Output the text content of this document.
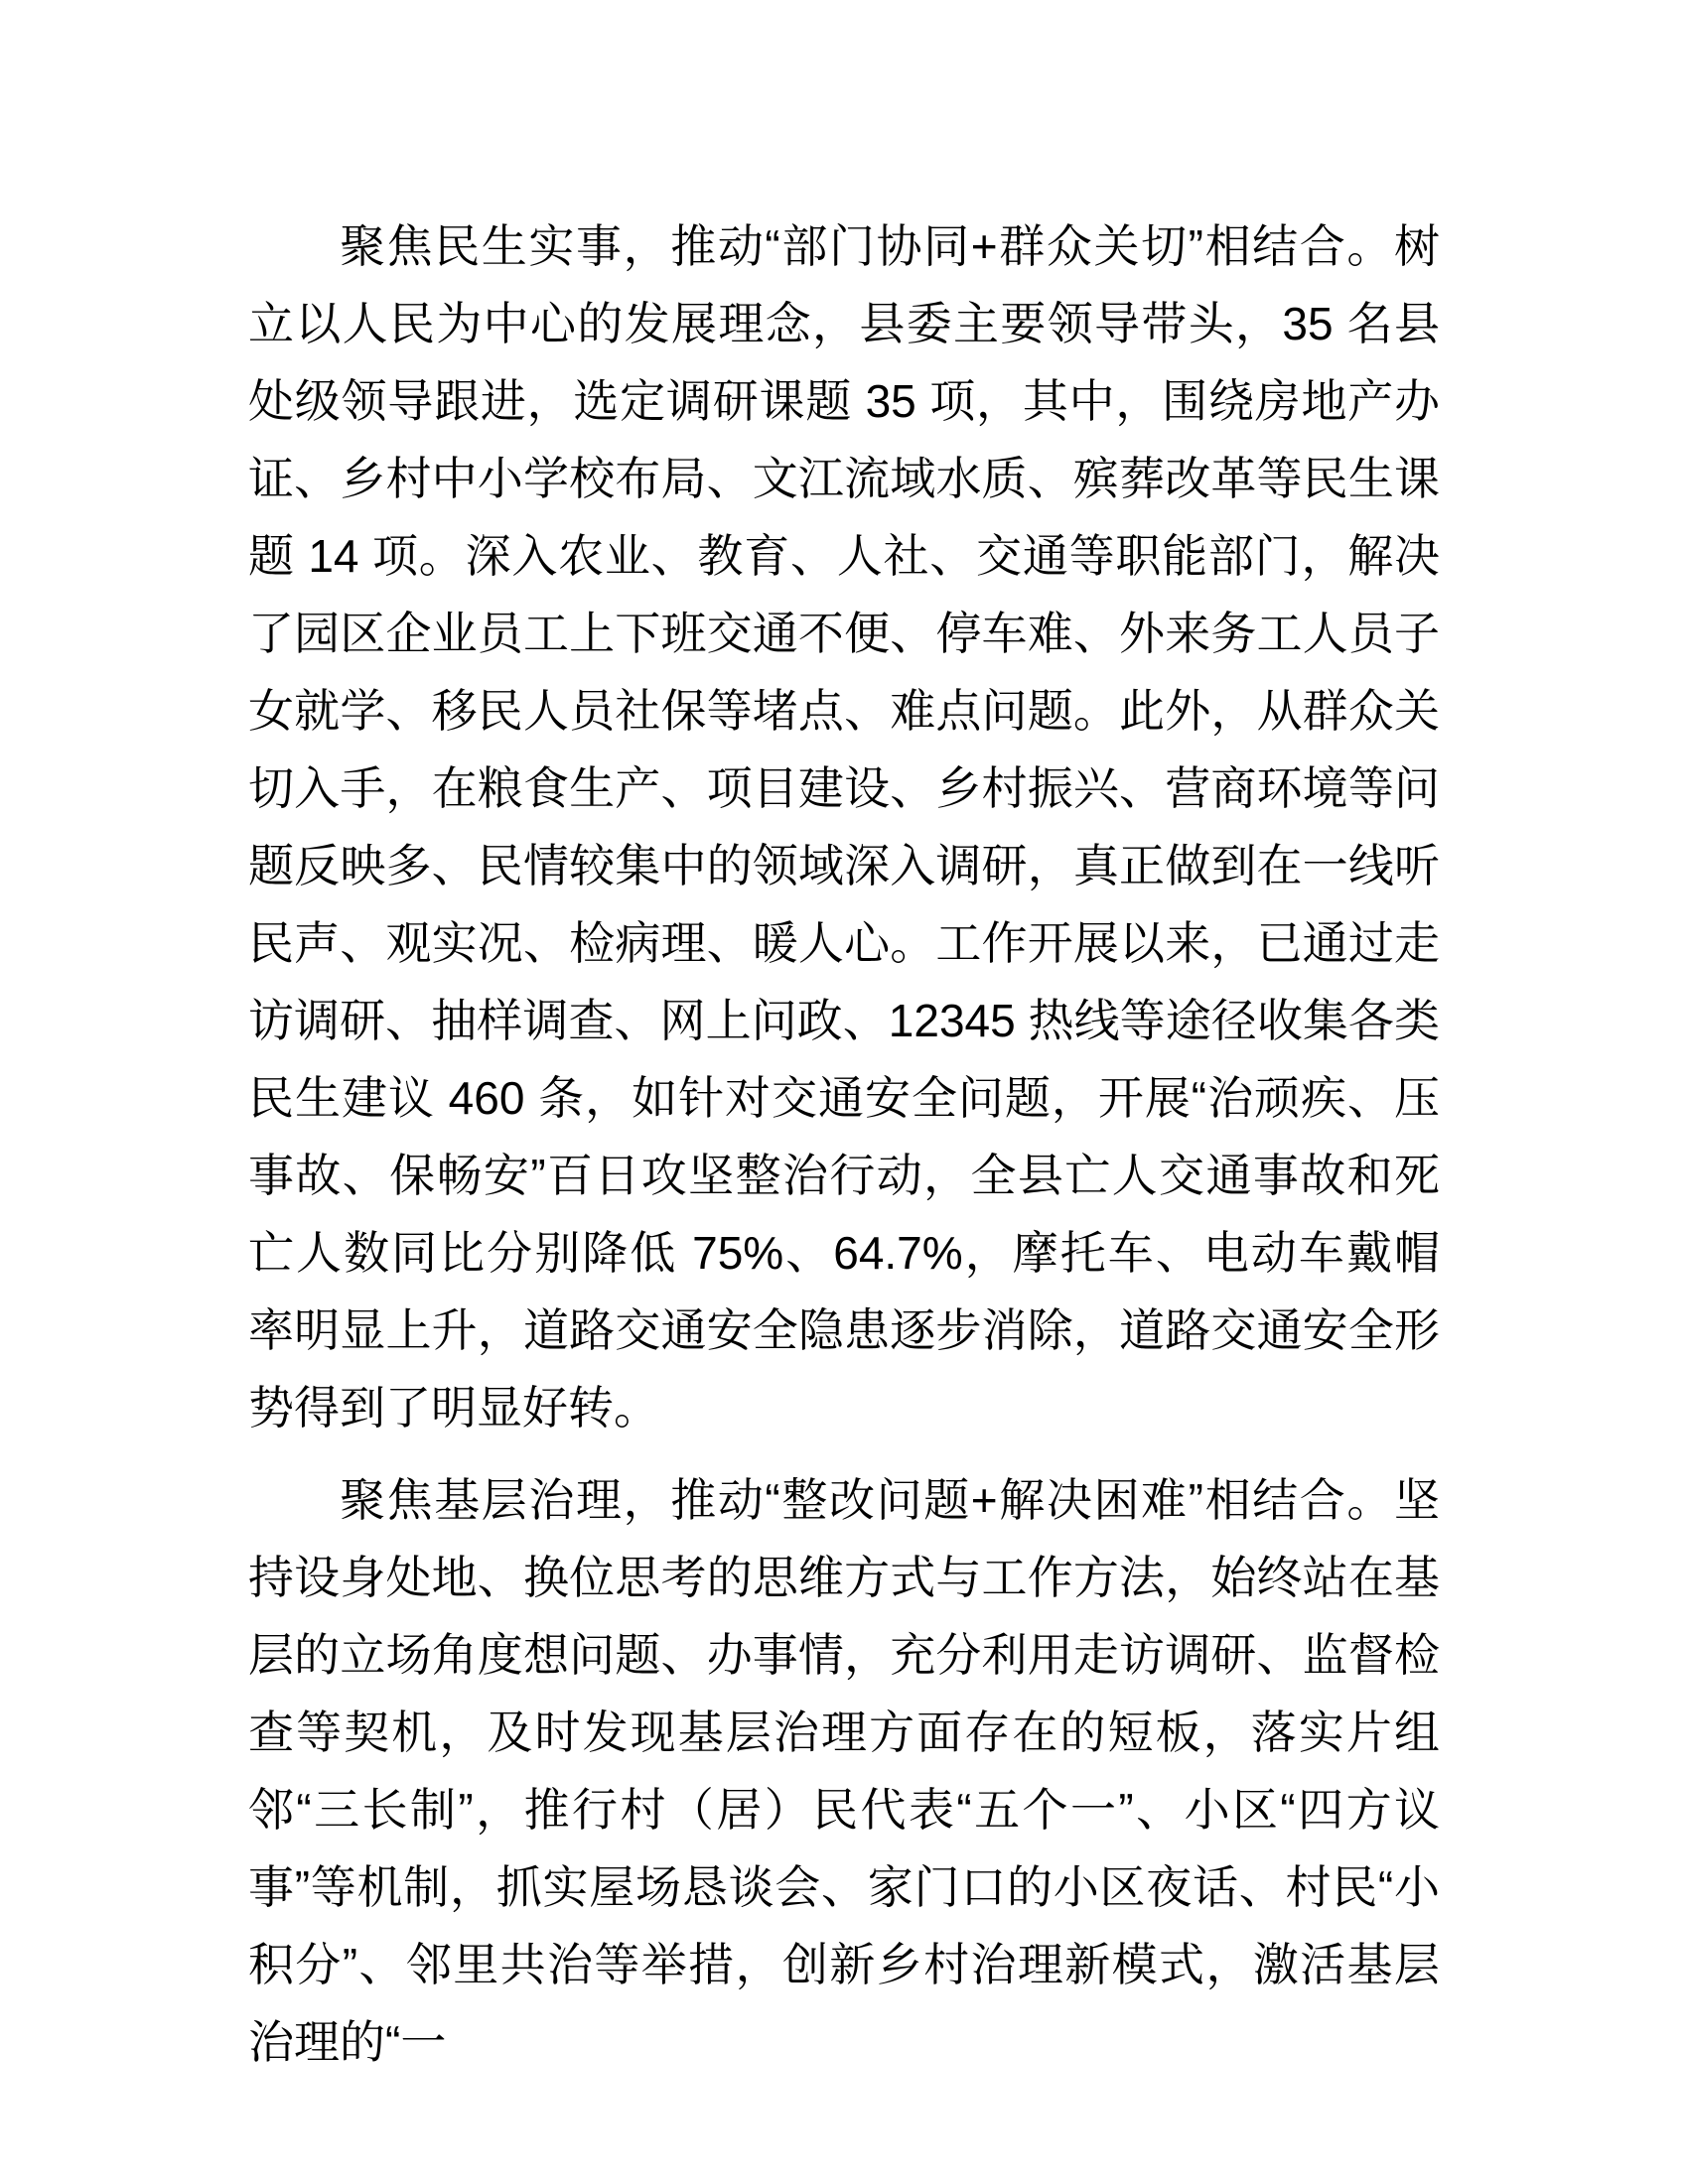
聚焦民生实事，推动“部门协同+群众关切”相结合。树立以人民为中心的发展理念，县委主要领导带头，35 名县处级领导跟进，选定调研课题 35 项，其中，围绕房地产办证、乡村中小学校布局、文江流域水质、殡葬改革等民生课题 14 项。深入农业、教育、人社、交通等职能部门，解决了园区企业员工上下班交通不便、停车难、外来务工人员子女就学、移民人员社保等堵点、难点问题。此外，从群众关切入手，在粮食生产、项目建设、乡村振兴、营商环境等问题反映多、民情较集中的领域深入调研，真正做到在一线听民声、观实况、检病理、暖人心。工作开展以来，已通过走访调研、抽样调查、网上问政、12345 热线等途径收集各类民生建议 460 条，如针对交通安全问题，开展“治顽疾、压事故、保畅安”百日攻坚整治行动，全县亡人交通事故和死亡人数同比分别降低 75%、64.7%，摩托车、电动车戴帽率明显上升，道路交通安全隐患逐步消除，道路交通安全形势得到了明显好转。

聚焦基层治理，推动“整改问题+解决困难”相结合。坚持设身处地、换位思考的思维方式与工作方法，始终站在基层的立场角度想问题、办事情，充分利用走访调研、监督检查等契机，及时发现基层治理方面存在的短板，落实片组邻“三长制”，推行村（居）民代表“五个一”、小区“四方议事”等机制，抓实屋场恳谈会、家门口的小区夜话、村民“小积分”、邻里共治等举措，创新乡村治理新模式，激活基层治理的“一
